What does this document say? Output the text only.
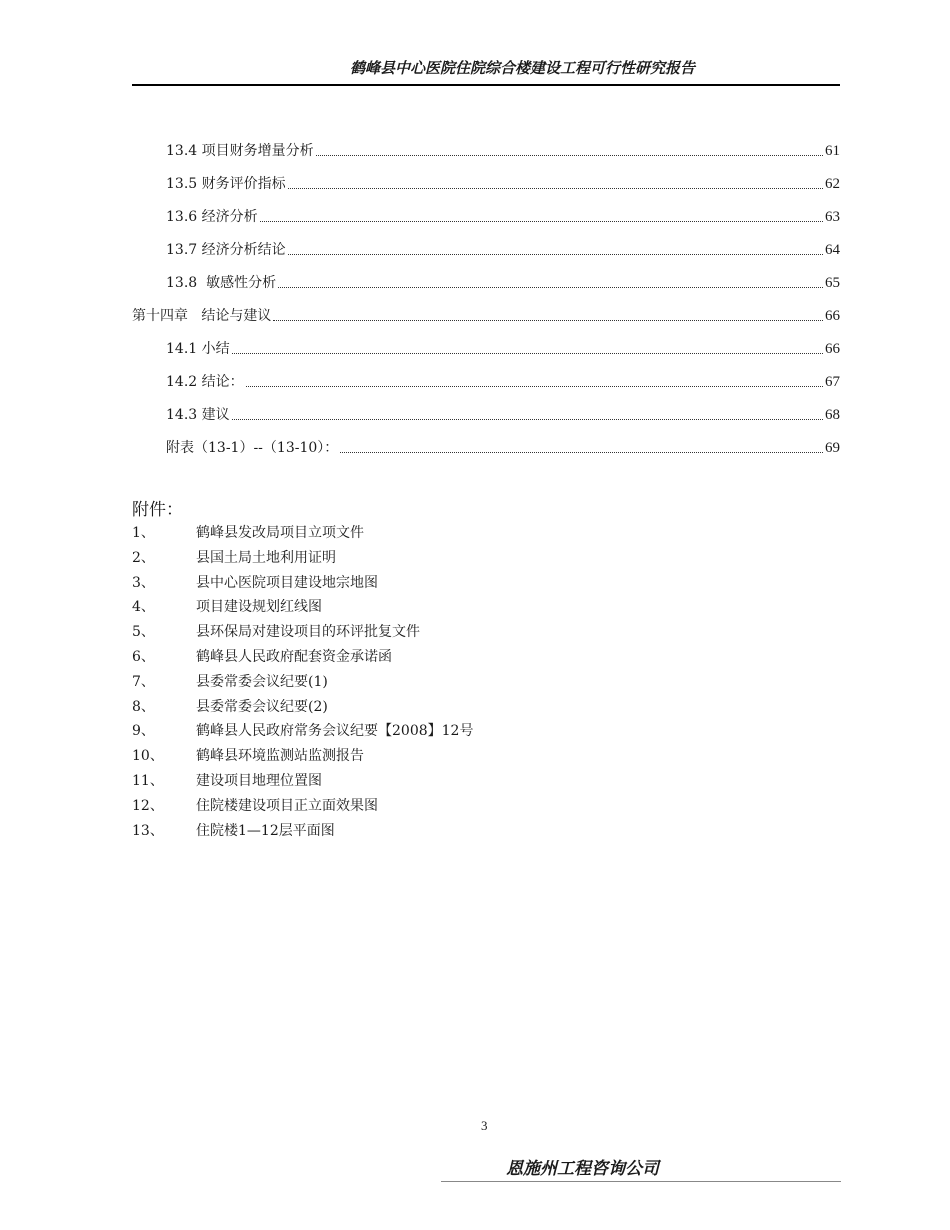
鹤峰县中心医院住院综合楼建设工程可行性研究报告
13.4 项目财务增量分析	61
13.5 财务评价指标	62
13.6 经济分析	63
13.7 经济分析结论	64
13.8  敏感性分析	65
第十四章   结论与建议	66
14.1 小结	66
14.2 结论：	67
14.3 建议	68
附表（13-1）--（13-10）：	69
附件：
1、	鹤峰县发改局项目立项文件
2、	县国土局土地利用证明
3、	县中心医院项目建设地宗地图
4、	项目建设规划红线图
5、	县环保局对建设项目的环评批复文件
6、	鹤峰县人民政府配套资金承诺函
7、	县委常委会议纪要(1)
8、	县委常委会议纪要(2)
9、	鹤峰县人民政府常务会议纪要【2008】12号
10、	鹤峰县环境监测站监测报告
11、	建设项目地理位置图
12、	住院楼建设项目正立面效果图
13、	住院楼1—12层平面图
3
恩施州工程咨询公司
